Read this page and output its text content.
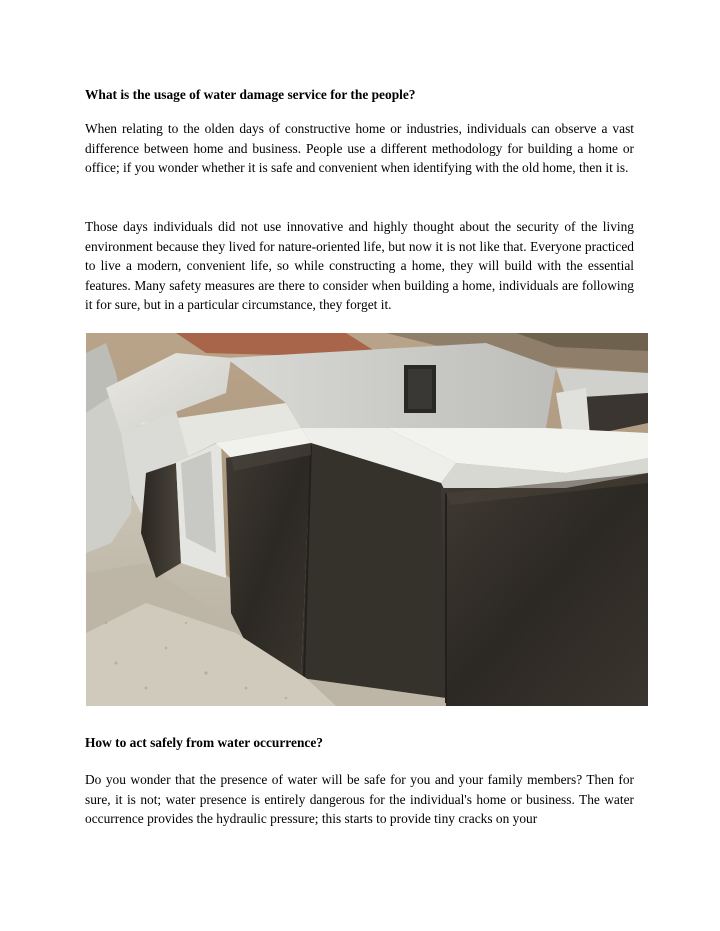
What is the usage of water damage service for the people?

When relating to the olden days of constructive home or industries, individuals can observe a vast difference between home and business. People use a different methodology for building a home or office; if you wonder whether it is safe and convenient when identifying with the old home, then it is.

Those days individuals did not use innovative and highly thought about the security of the living environment because they lived for nature-oriented life, but now it is not like that. Everyone practiced to live a modern, convenient life, so while constructing a home, they will build with the essential features. Many safety measures are there to consider when building a home, individuals are following it for sure, but in a particular circumstance, they forget it.

How to act safely from water occurrence?

Do you wonder that the presence of water will be safe for you and your family members? Then for sure, it is not; water presence is entirely dangerous for the individual's home or business. The water occurrence provides the hydraulic pressure; this starts to provide tiny cracks on your
